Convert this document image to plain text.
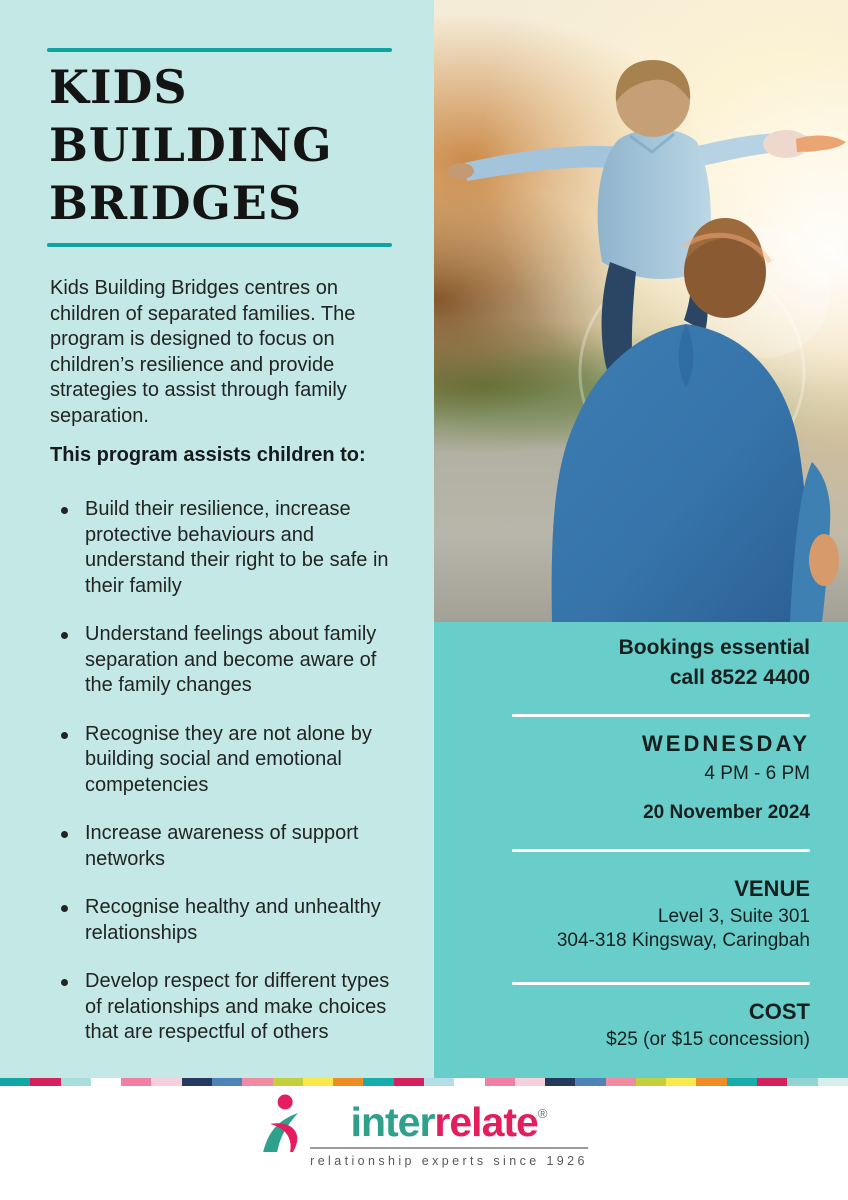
KIDS
BUILDING
BRIDGES

Kids Building Bridges centres on children of separated families. The program is designed to focus on children’s resilience and provide strategies to assist through family separation.

This program assists children to:

Build their resilience, increase protective behaviours and understand their right to be safe in their family
Understand feelings about family separation and become aware of the family changes
Recognise they are not alone by building social and emotional competencies
Increase awareness of support networks
Recognise healthy and unhealthy relationships
Develop respect for different types of relationships and make choices that are respectful of others
Bookings essential
call 8522 4400
WEDNESDAY
4 PM - 6 PM
20 November 2024
VENUE
Level 3, Suite 301
304-318 Kingsway, Caringbah
COST
$25 (or $15 concession)
interrelate®
relationship experts since 1926
